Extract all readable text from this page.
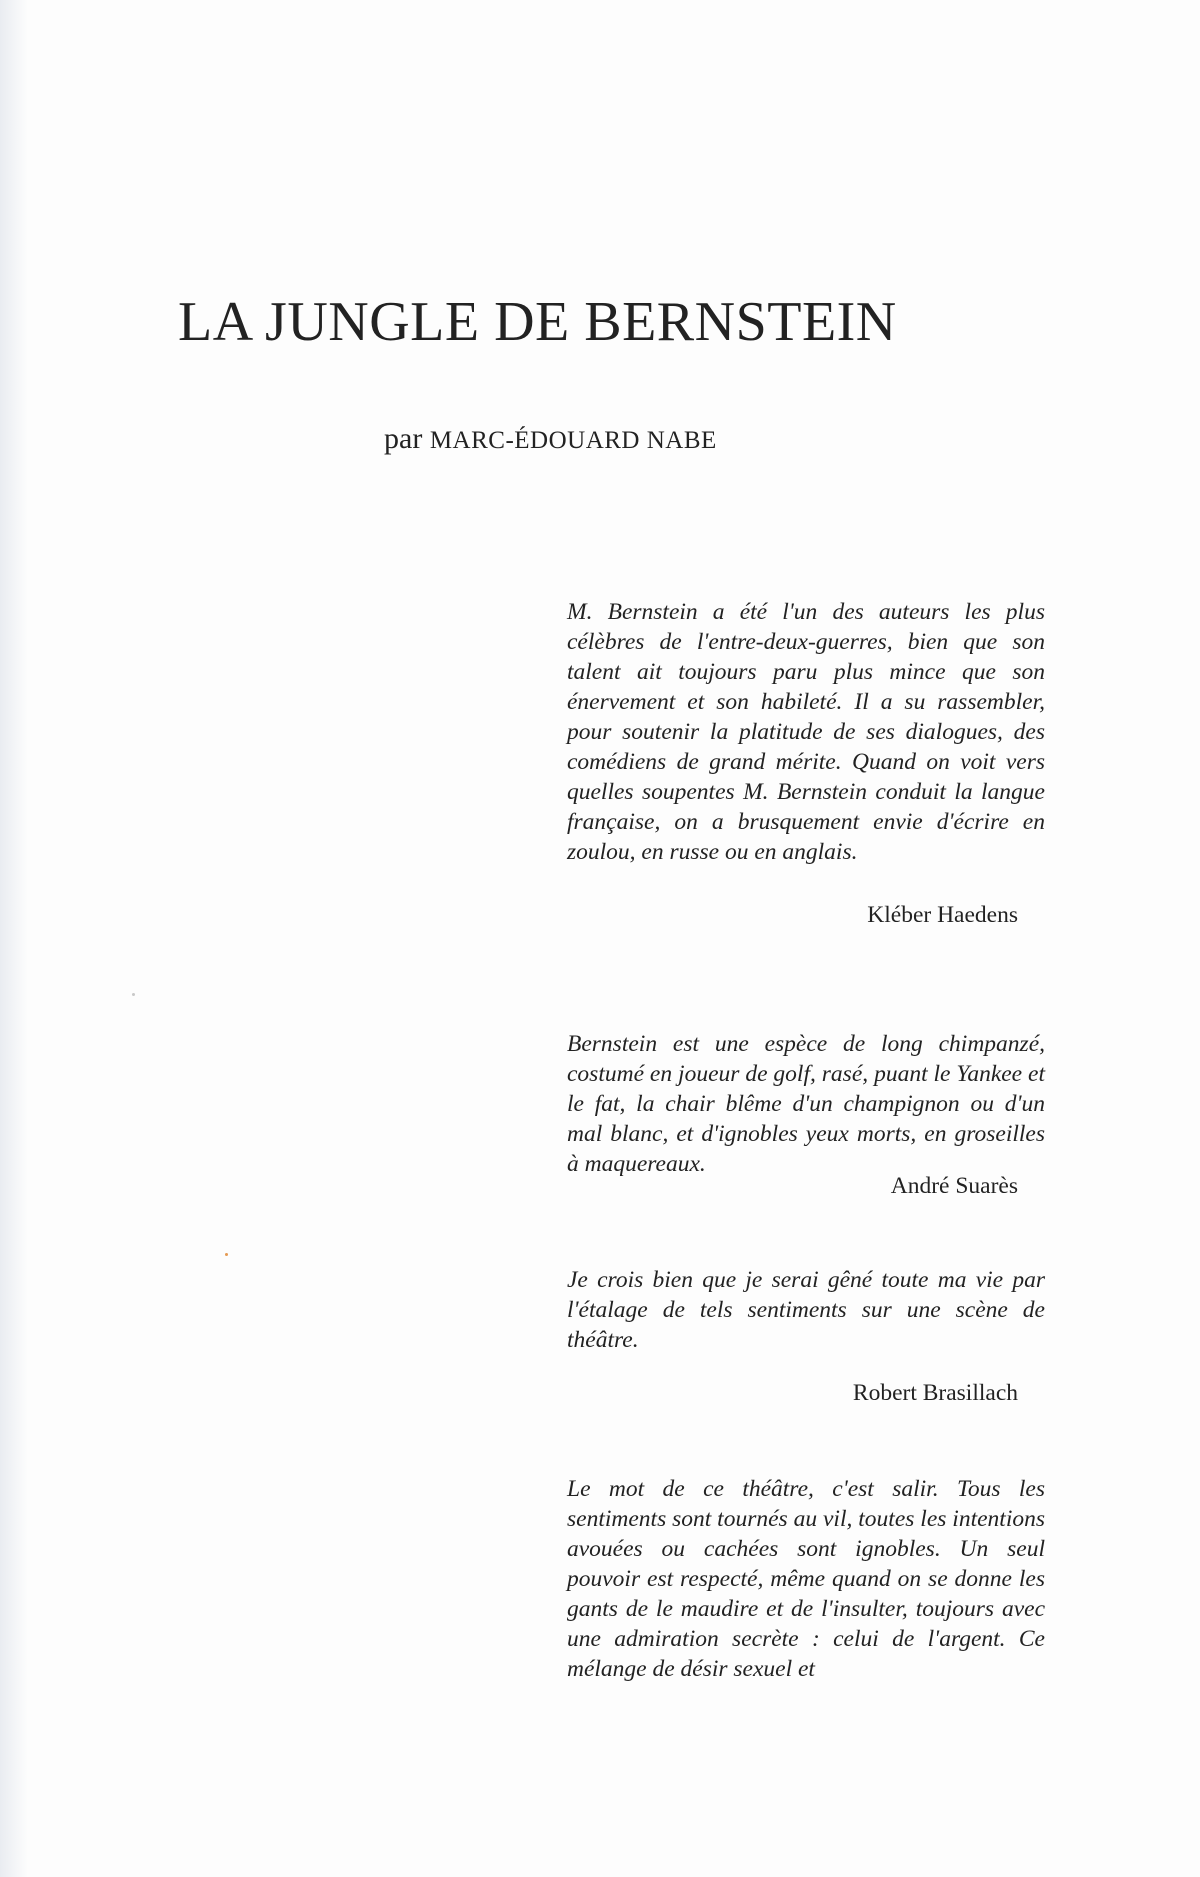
LA JUNGLE DE BERNSTEIN
par MARC-ÉDOUARD NABE

M. Bernstein a été l'un des auteurs les plus célèbres de l'entre-deux-guerres, bien que son talent ait toujours paru plus mince que son énervement et son habileté. Il a su rassembler, pour soutenir la platitude de ses dialogues, des comédiens de grand mérite. Quand on voit vers quelles soupentes M. Bernstein conduit la langue française, on a brusquement envie d'écrire en zoulou, en russe ou en anglais.

Kléber Haedens

Bernstein est une espèce de long chimpanzé, costumé en joueur de golf, rasé, puant le Yankee et le fat, la chair blême d'un champignon ou d'un mal blanc, et d'ignobles yeux morts, en groseilles à maquereaux.

André Suarès

Je crois bien que je serai gêné toute ma vie par l'étalage de tels sentiments sur une scène de théâtre.

Robert Brasillach

Le mot de ce théâtre, c'est salir. Tous les sentiments sont tournés au vil, toutes les intentions avouées ou cachées sont ignobles. Un seul pouvoir est respecté, même quand on se donne les gants de le maudire et de l'insulter, toujours avec une admiration secrète : celui de l'argent. Ce mélange de désir sexuel et
